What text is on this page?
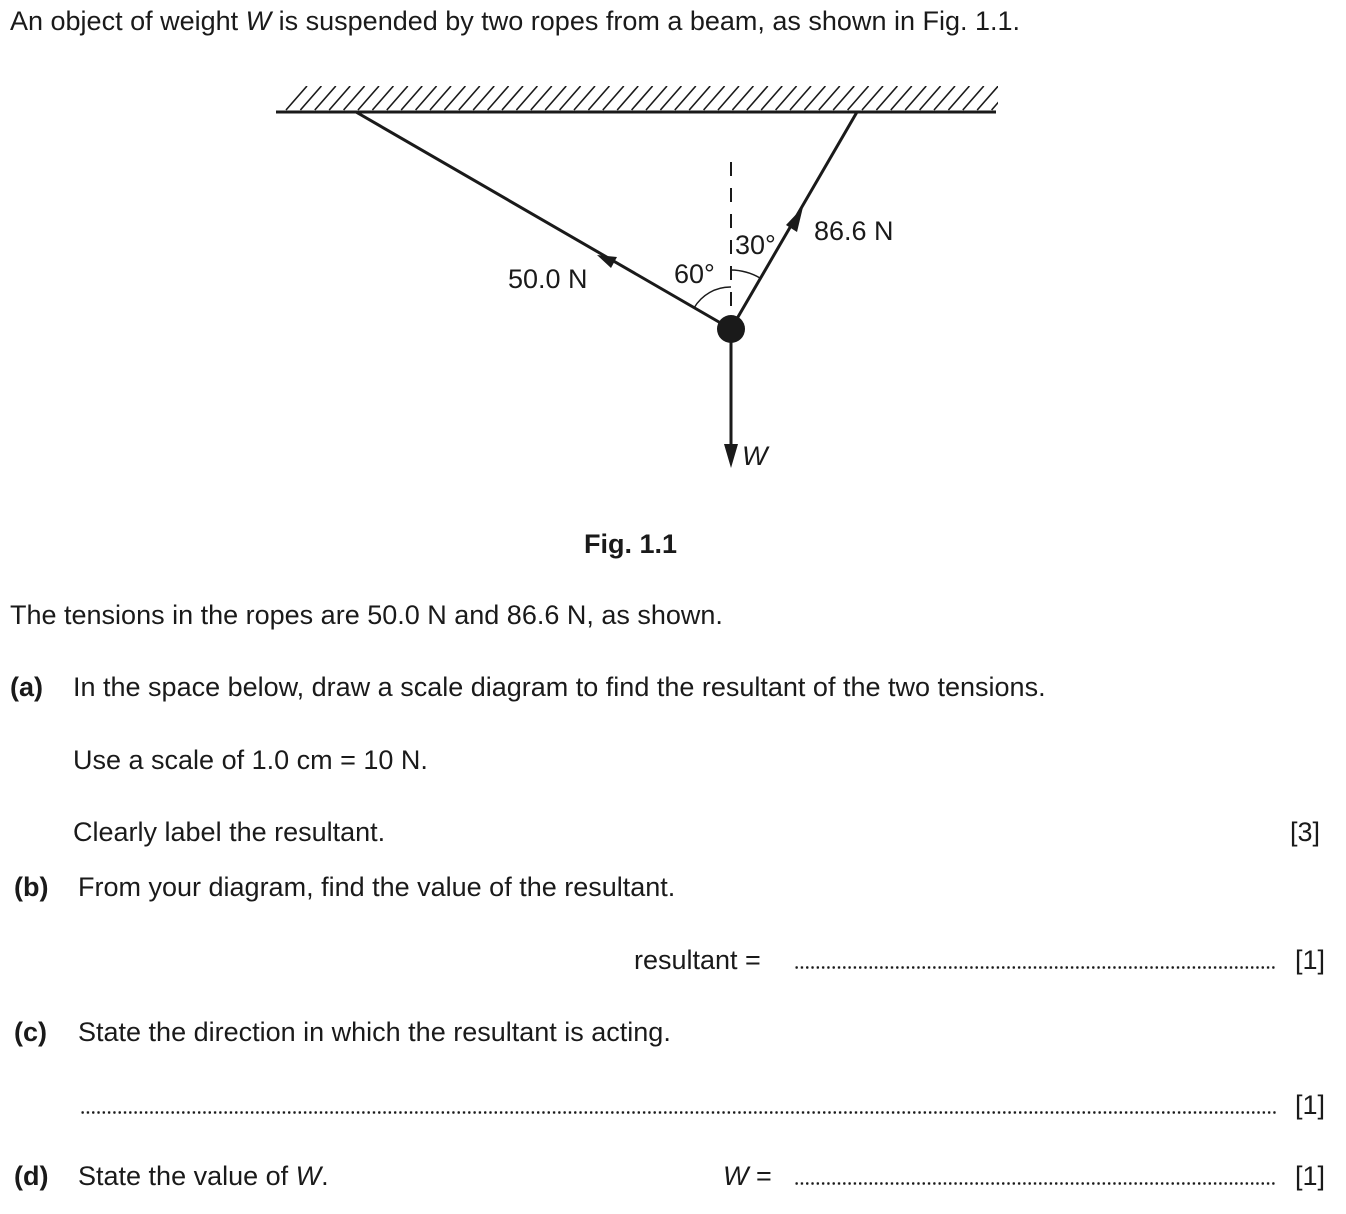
An object of weight W is suspended by two ropes from a beam, as shown in Fig. 1.1.
50.0 N
86.6 N
60°
30°
W
Fig. 1.1
The tensions in the ropes are 50.0 N and 86.6 N, as shown.
(a) In the space below, draw a scale diagram to find the resultant of the two tensions.
Use a scale of 1.0 cm = 10 N.
Clearly label the resultant.	[3]
(b) From your diagram, find the value of the resultant.
resultant =	[1]
(c) State the direction in which the resultant is acting.
[1]
(d) State the value of W.	W =	[1]
